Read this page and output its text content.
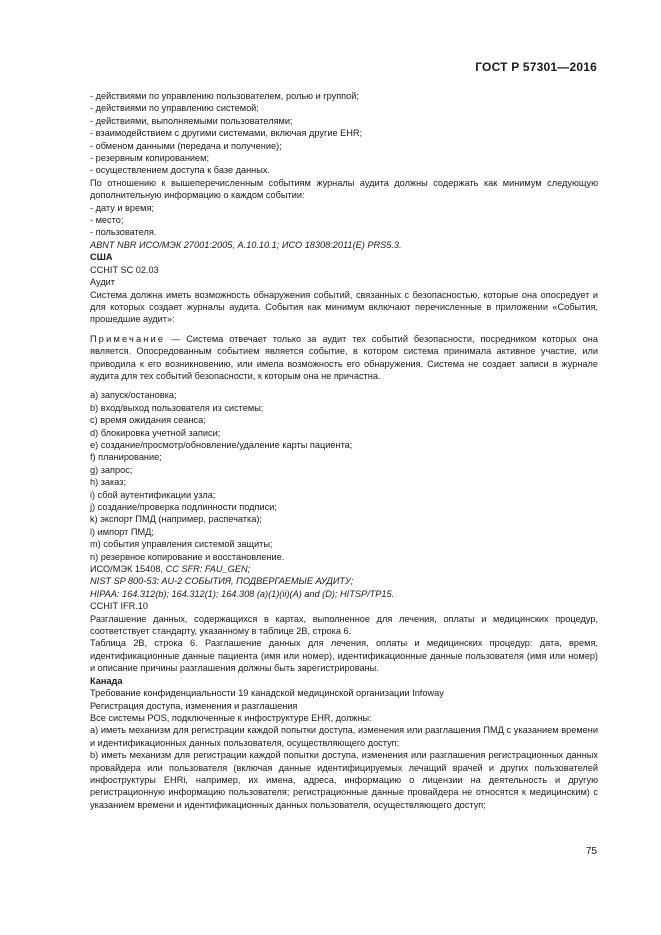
ГОСТ Р 57301—2016
- действиями по управлению пользователем, ролью и группой;
- действиями по управлению системой;
- действиями, выполняемыми пользователями;
- взаимодействием с другими системами, включая другие EHR;
- обменом данными (передача и получение);
- резервным копированием;
- осуществлением доступа к базе данных.
По отношению к вышеперечисленным событиям журналы аудита должны содержать как минимум следующую дополнительную информацию о каждом событии:
- дату и время;
- место;
- пользователя.
ABNT NBR ИСО/МЭК 27001:2005, A.10.10.1; ИСО 18308:2011(E) PRS5.3.
США
CCHIT SC 02.03
Аудит
Система должна иметь возможность обнаружения событий, связанных с безопасностью, которые она опосредует и для которых создает журналы аудита. События как минимум включают перечисленные в приложении «События, прошедшие аудит»:
Примечание — Система отвечает только за аудит тех событий безопасности, посредником которых она является. Опосредованным событием является событие, в котором система принимала активное участие, или приводила к его возникновению, или имела возможность его обнаружения. Система не создает записи в журнале аудита для тех событий безопасности, к которым она не причастна.
a) запуск/остановка;
b) вход/выход пользователя из системы;
c) время ожидания сеанса;
d) блокировка учетной записи;
e) создание/просмотр/обновление/удаление карты пациента;
f) планирование;
g) запрос;
h) заказ;
i) сбой аутентификации узла;
j) создание/проверка подлинности подписи;
k) экспорт ПМД (например, распечатка);
l) импорт ПМД;
m) события управления системой защиты;
n) резервное копирование и восстановление.
ИСО/МЭК 15408, CC SFR: FAU_GEN;
NIST SP 800-53: AU-2 СОБЫТИЯ, ПОДВЕРГАЕМЫЕ АУДИТУ;
HIPAA: 164.312(b); 164.312(1); 164.308 (a)(1)(ii)(A) and (D); HITSP/TP15.
CCHIT IFR.10
Разглашение данных, содержащихся в картах, выполненное для лечения, оплаты и медицинских процедур, соответствует стандарту, указанному в таблице 2B, строка 6.
Таблица 2B, строка 6. Разглашение данных для лечения, оплаты и медицинских процедур: дата, время, идентификационные данные пациента (имя или номер), идентификационные данные пользователя (имя или номер) и описание причины разглашения должны быть зарегистрированы.
Канада
Требование конфиденциальности 19 канадской медицинской организации Infoway
Регистрация доступа, изменения и разглашения
Все системы POS, подключенные к инфоструктуре EHR, должны:
а) иметь механизм для регистрации каждой попытки доступа, изменения или разглашения ПМД с указанием времени и идентификационных данных пользователя, осуществляющего доступ;
b) иметь механизм для регистрации каждой попытки доступа, изменения или разглашения регистрационных данных провайдера или пользователя (включая данные идентифицируемых лечащий врачей и других пользователей инфоструктуры EHRi, например, их имена, адреса, информацию о лицензии на деятельность и другую регистрационную информацию пользователя; регистрационные данные провайдера не относятся к медицинским) с указанием времени и идентификационных данных пользователя, осуществляющего доступ;
75
